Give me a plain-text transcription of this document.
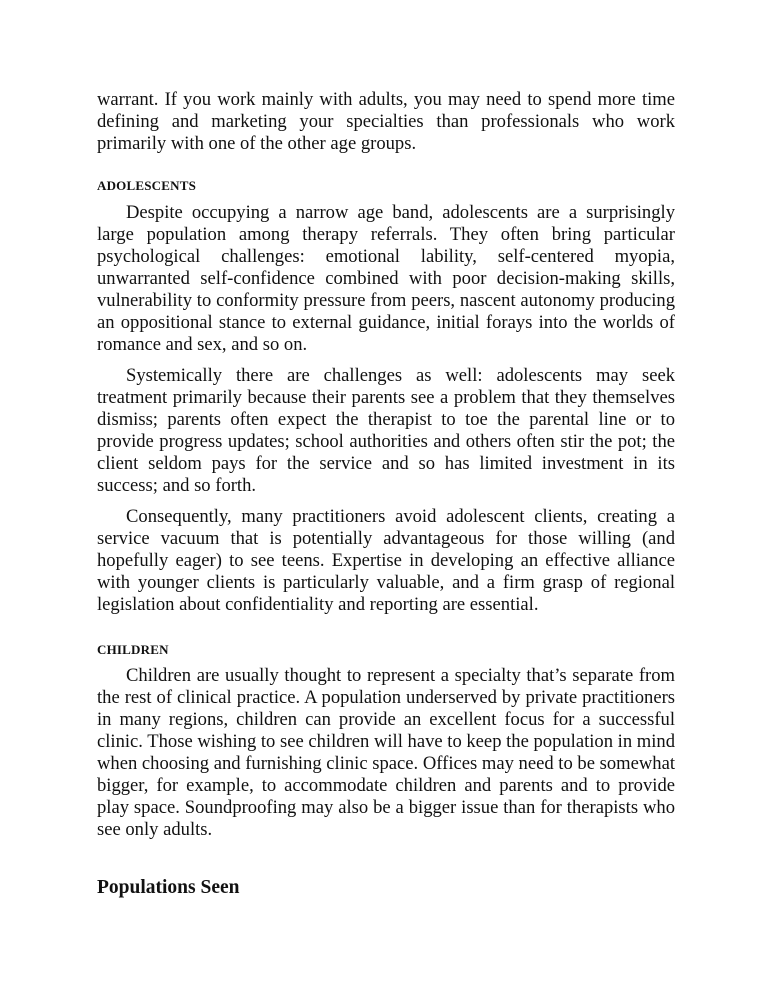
warrant. If you work mainly with adults, you may need to spend more time defining and marketing your specialties than professionals who work primarily with one of the other age groups.

ADOLESCENTS

Despite occupying a narrow age band, adolescents are a surprisingly large population among therapy referrals. They often bring particular psychological challenges: emotional lability, self-centered myopia, unwarranted self-confidence combined with poor decision-making skills, vulnerability to conformity pressure from peers, nascent autonomy producing an oppositional stance to external guidance, initial forays into the worlds of romance and sex, and so on.

Systemically there are challenges as well: adolescents may seek treatment primarily because their parents see a problem that they themselves dismiss; parents often expect the therapist to toe the parental line or to provide progress updates; school authorities and others often stir the pot; the client seldom pays for the service and so has limited investment in its success; and so forth.

Consequently, many practitioners avoid adolescent clients, creating a service vacuum that is potentially advantageous for those willing (and hopefully eager) to see teens. Expertise in developing an effective alliance with younger clients is particularly valuable, and a firm grasp of regional legislation about confidentiality and reporting are essential.

CHILDREN

Children are usually thought to represent a specialty that’s separate from the rest of clinical practice. A population underserved by private practitioners in many regions, children can provide an excellent focus for a successful clinic. Those wishing to see children will have to keep the population in mind when choosing and furnishing clinic space. Offices may need to be somewhat bigger, for example, to accommodate children and parents and to provide play space. Soundproofing may also be a bigger issue than for therapists who see only adults.

Populations Seen
